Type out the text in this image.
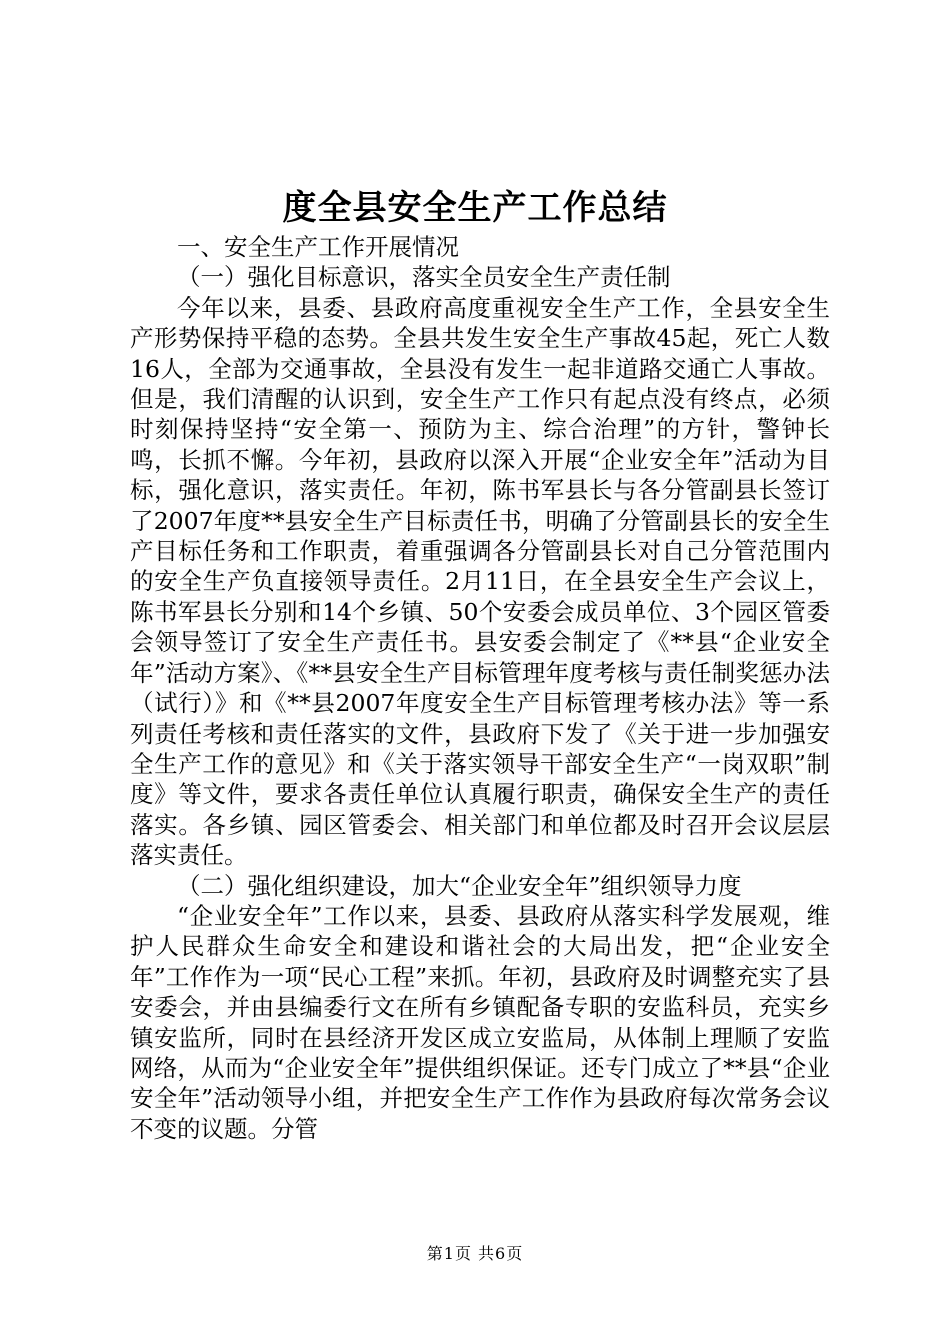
度全县安全生产工作总结

一、安全生产工作开展情况

（一）强化目标意识，落实全员安全生产责任制

今年以来，县委、县政府高度重视安全生产工作，全县安全生产形势保持平稳的态势。全县共发生安全生产事故45起，死亡人数16人，全部为交通事故，全县没有发生一起非道路交通亡人事故。但是，我们清醒的认识到，安全生产工作只有起点没有终点，必须时刻保持坚持“安全第一、预防为主、综合治理”的方针，警钟长鸣，长抓不懈。今年初，县政府以深入开展“企业安全年”活动为目标，强化意识，落实责任。年初，陈书军县长与各分管副县长签订了2007年度**县安全生产目标责任书，明确了分管副县长的安全生产目标任务和工作职责，着重强调各分管副县长对自己分管范围内的安全生产负直接领导责任。2月11日，在全县安全生产会议上，陈书军县长分别和14个乡镇、50个安委会成员单位、3个园区管委会领导签订了安全生产责任书。县安委会制定了《**县“企业安全年”活动方案》、《**县安全生产目标管理年度考核与责任制奖惩办法（试行）》和《**县2007年度安全生产目标管理考核办法》等一系列责任考核和责任落实的文件，县政府下发了《关于进一步加强安全生产工作的意见》和《关于落实领导干部安全生产“一岗双职”制度》等文件，要求各责任单位认真履行职责，确保安全生产的责任落实。各乡镇、园区管委会、相关部门和单位都及时召开会议层层落实责任。

（二）强化组织建设，加大“企业安全年”组织领导力度

“企业安全年”工作以来，县委、县政府从落实科学发展观，维护人民群众生命安全和建设和谐社会的大局出发，把“企业安全年”工作作为一项“民心工程”来抓。年初，县政府及时调整充实了县安委会，并由县编委行文在所有乡镇配备专职的安监科员，充实乡镇安监所，同时在县经济开发区成立安监局，从体制上理顺了安监网络，从而为“企业安全年”提供组织保证。还专门成立了**县“企业安全年”活动领导小组，并把安全生产工作作为县政府每次常务会议不变的议题。分管

第1页 共6页
